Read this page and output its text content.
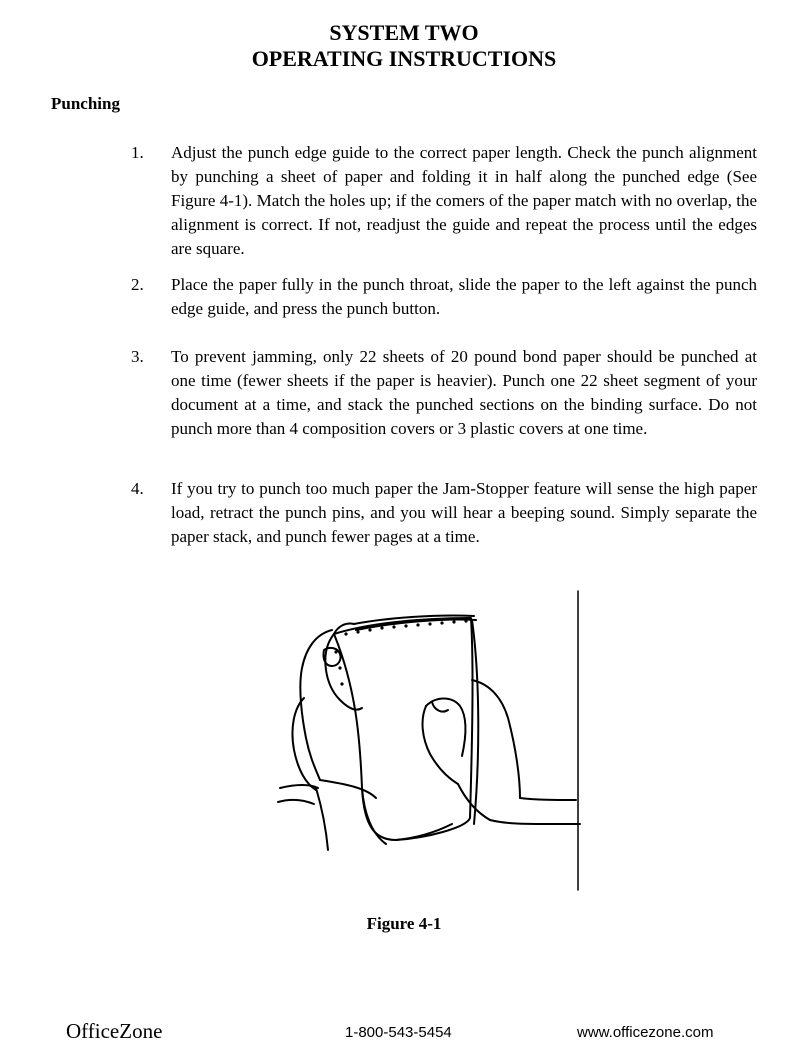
SYSTEM TWO
OPERATING INSTRUCTIONS
Punching
1. Adjust the punch edge guide to the correct paper length. Check the punch alignment by punching a sheet of paper and folding it in half along the punched edge (See Figure 4-1). Match the holes up; if the comers of the paper match with no overlap, the alignment is correct. If not, readjust the guide and repeat the process until the edges are square.
2. Place the paper fully in the punch throat, slide the paper to the left against the punch edge guide, and press the punch button.
3. To prevent jamming, only 22 sheets of 20 pound bond paper should be punched at one time (fewer sheets if the paper is heavier). Punch one 22 sheet segment of your document at a time, and stack the punched sections on the binding surface. Do not punch more than 4 composition covers or 3 plastic covers at one time.
4. If you try to punch too much paper the Jam-Stopper feature will sense the high paper load, retract the punch pins, and you will hear a beeping sound. Simply separate the paper stack, and punch fewer pages at a time.
Figure 4-1
OfficeZone	1-800-543-5454	www.officezone.com
